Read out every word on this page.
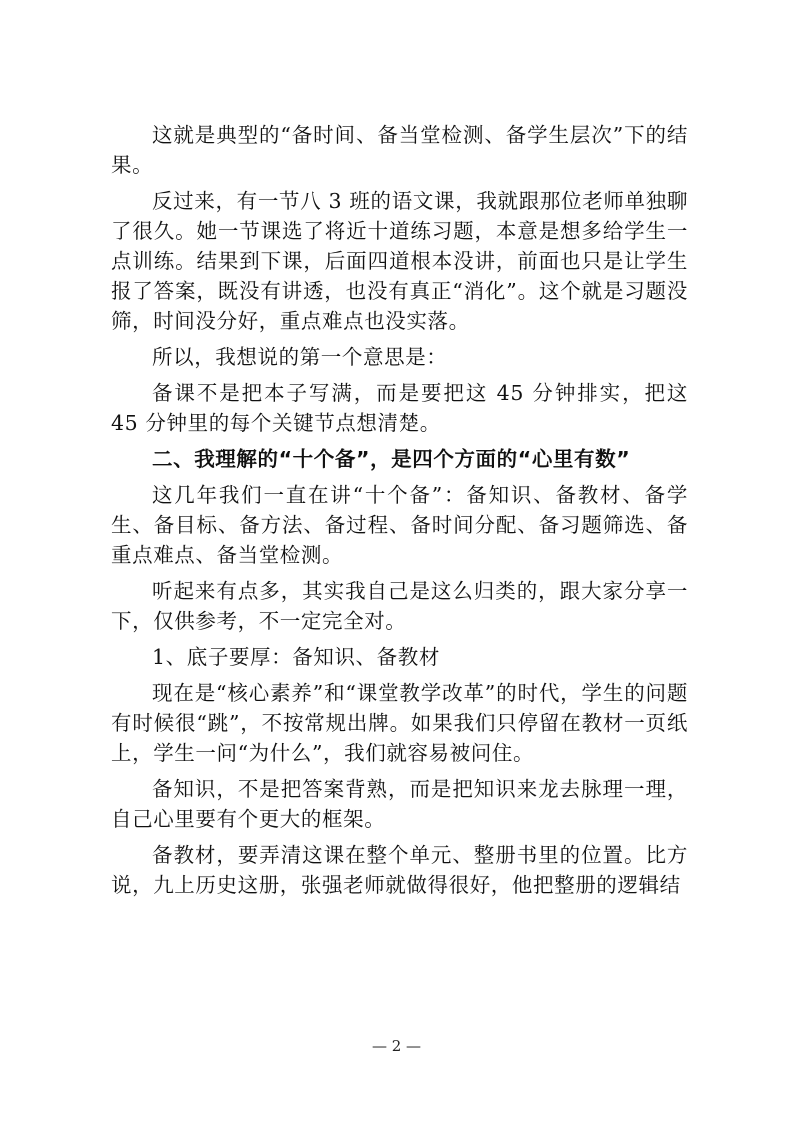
这就是典型的“备时间、备当堂检测、备学生层次”下的结果。

反过来，有一节八 3 班的语文课，我就跟那位老师单独聊了很久。她一节课选了将近十道练习题，本意是想多给学生一点训练。结果到下课，后面四道根本没讲，前面也只是让学生报了答案，既没有讲透，也没有真正“消化”。这个就是习题没筛，时间没分好，重点难点也没实落。

所以，我想说的第一个意思是：

备课不是把本子写满，而是要把这 45 分钟排实，把这 45 分钟里的每个关键节点想清楚。

二、我理解的“十个备”，是四个方面的“心里有数”

这几年我们一直在讲“十个备”：备知识、备教材、备学生、备目标、备方法、备过程、备时间分配、备习题筛选、备重点难点、备当堂检测。

听起来有点多，其实我自己是这么归类的，跟大家分享一下，仅供参考，不一定完全对。

1、底子要厚：备知识、备教材

现在是“核心素养”和“课堂教学改革”的时代，学生的问题有时候很“跳”，不按常规出牌。如果我们只停留在教材一页纸上，学生一问“为什么”，我们就容易被问住。

备知识，不是把答案背熟，而是把知识来龙去脉理一理，自己心里要有个更大的框架。

备教材，要弄清这课在整个单元、整册书里的位置。比方说，九上历史这册，张强老师就做得很好，他把整册的逻辑结

— 2 —
